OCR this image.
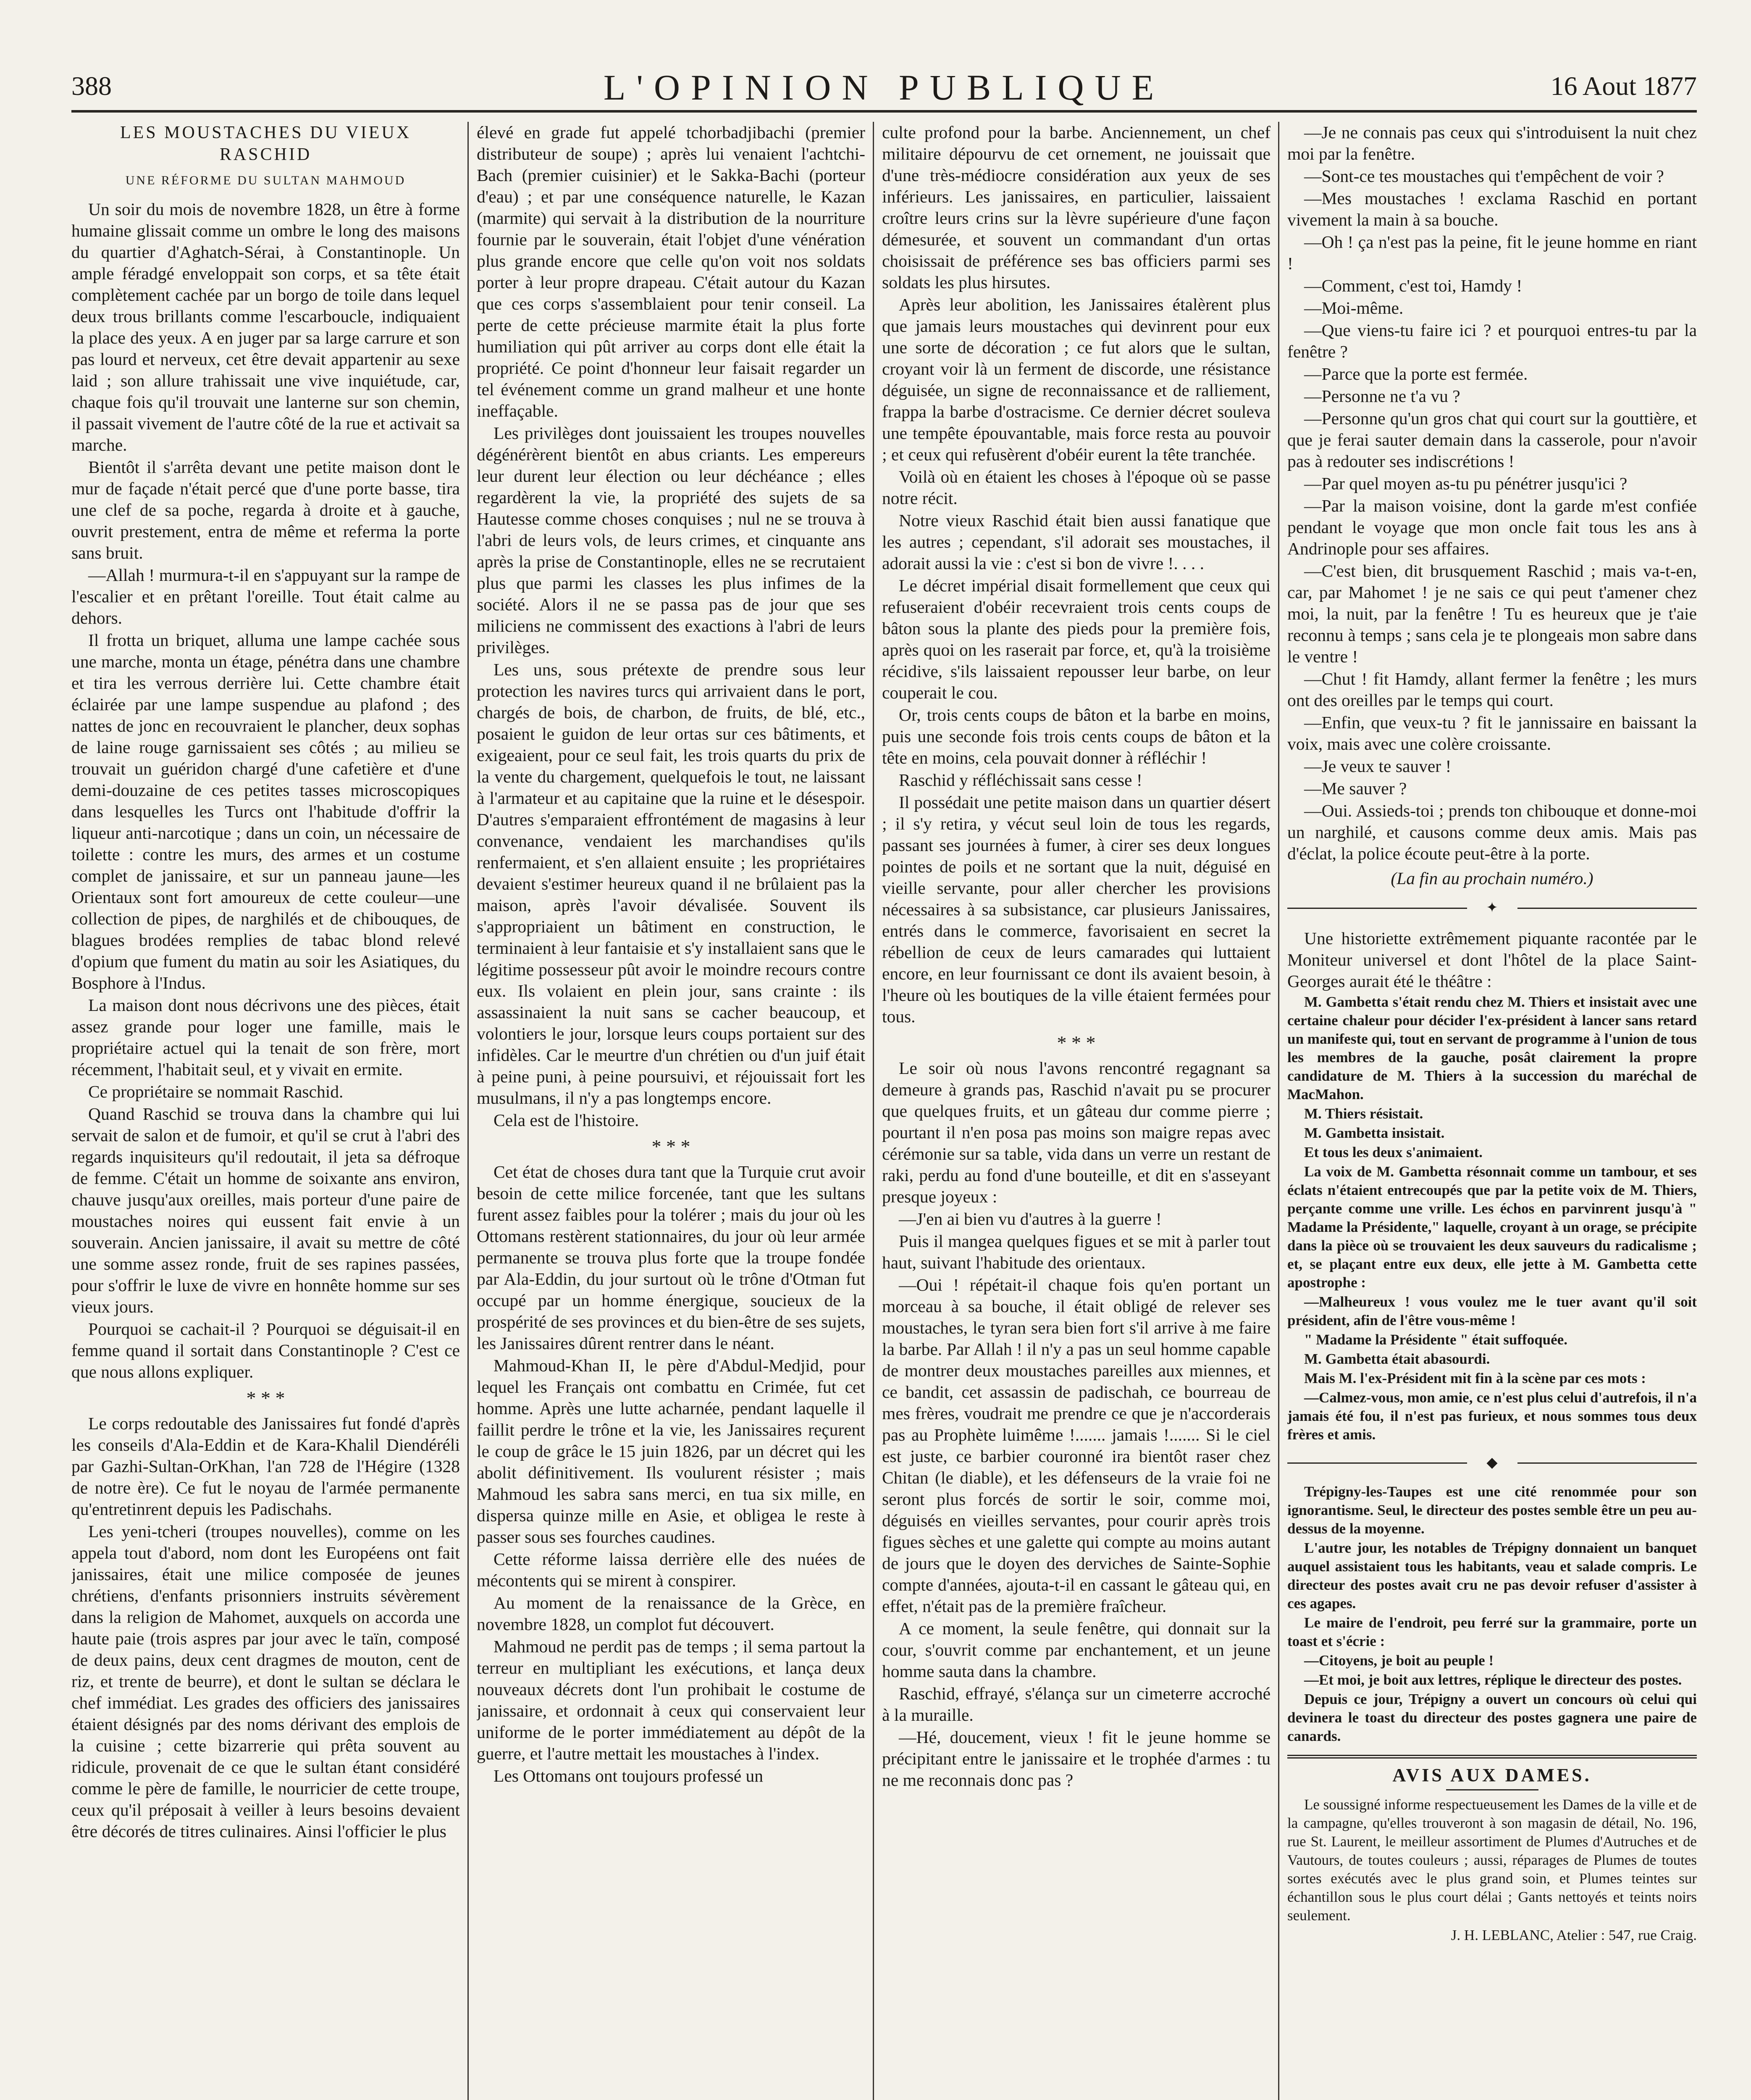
388	L'OPINION PUBLIQUE	16 Aout 1877
LES MOUSTACHES DU VIEUX RASCHID
UNE RÉFORME DU SULTAN MAHMOUD

Un soir du mois de novembre 1828, un être à forme humaine glissait comme un ombre le long des maisons du quartier d'Aghatch-Sérai, à Constantinople. Un ample féradgé enveloppait son corps, et sa tête était complètement cachée par un borgo de toile dans lequel deux trous brillants comme l'escarboucle, indiquaient la place des yeux. A en juger par sa large carrure et son pas lourd et nerveux, cet être devait appartenir au sexe laid ; son allure trahissait une vive inquiétude, car, chaque fois qu'il trouvait une lanterne sur son chemin, il passait vivement de l'autre côté de la rue et activait sa marche.

Bientôt il s'arrêta devant une petite maison dont le mur de façade n'était percé que d'une porte basse, tira une clef de sa poche, regarda à droite et à gauche, ouvrit prestement, entra de même et referma la porte sans bruit.

—Allah ! murmura-t-il en s'appuyant sur la rampe de l'escalier et en prêtant l'oreille. Tout était calme au dehors.

Il frotta un briquet, alluma une lampe cachée sous une marche, monta un étage, pénétra dans une chambre et tira les verrous derrière lui. Cette chambre était éclairée par une lampe suspendue au plafond ; des nattes de jonc en recouvraient le plancher, deux sophas de laine rouge garnissaient ses côtés ; au milieu se trouvait un guéridon chargé d'une cafetière et d'une demi-douzaine de ces petites tasses microscopiques dans lesquelles les Turcs ont l'habitude d'offrir la liqueur anti-narcotique ; dans un coin, un nécessaire de toilette : contre les murs, des armes et un costume complet de janissaire, et sur un panneau jaune—les Orientaux sont fort amoureux de cette couleur—une collection de pipes, de narghilés et de chibouques, de blagues brodées remplies de tabac blond relevé d'opium que fument du matin au soir les Asiatiques, du Bosphore à l'Indus.

La maison dont nous décrivons une des pièces, était assez grande pour loger une famille, mais le propriétaire actuel qui la tenait de son frère, mort récemment, l'habitait seul, et y vivait en ermite.

Ce propriétaire se nommait Raschid.

Quand Raschid se trouva dans la chambre qui lui servait de salon et de fumoir, et qu'il se crut à l'abri des regards inquisiteurs qu'il redoutait, il jeta sa défroque de femme. C'était un homme de soixante ans environ, chauve jusqu'aux oreilles, mais porteur d'une paire de moustaches noires qui eussent fait envie à un souverain. Ancien janissaire, il avait su mettre de côté une somme assez ronde, fruit de ses rapines passées, pour s'offrir le luxe de vivre en honnête homme sur ses vieux jours.

Pourquoi se cachait-il ? Pourquoi se déguisait-il en femme quand il sortait dans Constantinople ? C'est ce que nous allons expliquer.

* * *

Le corps redoutable des Janissaires fut fondé d'après les conseils d'Ala-Eddin et de Kara-Khalil Diendéréli par Gazhi-Sultan-OrKhan, l'an 728 de l'Hégire (1328 de notre ère). Ce fut le noyau de l'armée permanente qu'entretinrent depuis les Padischahs.

Les yeni-tcheri (troupes nouvelles), comme on les appela tout d'abord, nom dont les Européens ont fait janissaires, était une milice composée de jeunes chrétiens, d'enfants prisonniers instruits sévèrement dans la religion de Mahomet, auxquels on accorda une haute paie (trois aspres par jour avec le taïn, composé de deux pains, deux cent dragmes de mouton, cent de riz, et trente de beurre), et dont le sultan se déclara le chef immédiat. Les grades des officiers des janissaires étaient désignés par des noms dérivant des emplois de la cuisine ; cette bizarrerie qui prêta souvent au ridicule, provenait de ce que le sultan étant considéré comme le père de famille, le nourricier de cette troupe, ceux qu'il préposait à veiller à leurs besoins devaient être décorés de titres culinaires. Ainsi l'officier le plus

élevé en grade fut appelé tchorbadjibachi (premier distributeur de soupe) ; après lui venaient l'achtchi-Bach (premier cuisinier) et le Sakka-Bachi (porteur d'eau) ; et par une conséquence naturelle, le Kazan (marmite) qui servait à la distribution de la nourriture fournie par le souverain, était l'objet d'une vénération plus grande encore que celle qu'on voit nos soldats porter à leur propre drapeau. C'était autour du Kazan que ces corps s'assemblaient pour tenir conseil. La perte de cette précieuse marmite était la plus forte humiliation qui pût arriver au corps dont elle était la propriété. Ce point d'honneur leur faisait regarder un tel événement comme un grand malheur et une honte ineffaçable.

Les privilèges dont jouissaient les troupes nouvelles dégénérèrent bientôt en abus criants. Les empereurs leur durent leur élection ou leur déchéance ; elles regardèrent la vie, la propriété des sujets de sa Hautesse comme choses conquises ; nul ne se trouva à l'abri de leurs vols, de leurs crimes, et cinquante ans après la prise de Constantinople, elles ne se recrutaient plus que parmi les classes les plus infimes de la société. Alors il ne se passa pas de jour que ses miliciens ne commissent des exactions à l'abri de leurs privilèges.

Les uns, sous prétexte de prendre sous leur protection les navires turcs qui arrivaient dans le port, chargés de bois, de charbon, de fruits, de blé, etc., posaient le guidon de leur ortas sur ces bâtiments, et exigeaient, pour ce seul fait, les trois quarts du prix de la vente du chargement, quelquefois le tout, ne laissant à l'armateur et au capitaine que la ruine et le désespoir. D'autres s'emparaient effrontément de magasins à leur convenance, vendaient les marchandises qu'ils renfermaient, et s'en allaient ensuite ; les propriétaires devaient s'estimer heureux quand il ne brûlaient pas la maison, après l'avoir dévalisée. Souvent ils s'appropriaient un bâtiment en construction, le terminaient à leur fantaisie et s'y installaient sans que le légitime possesseur pût avoir le moindre recours contre eux. Ils volaient en plein jour, sans crainte : ils assassinaient la nuit sans se cacher beaucoup, et volontiers le jour, lorsque leurs coups portaient sur des infidèles. Car le meurtre d'un chrétien ou d'un juif était à peine puni, à peine poursuivi, et réjouissait fort les musulmans, il n'y a pas longtemps encore.

Cela est de l'histoire.

* * *

Cet état de choses dura tant que la Turquie crut avoir besoin de cette milice forcenée, tant que les sultans furent assez faibles pour la tolérer ; mais du jour où les Ottomans restèrent stationnaires, du jour où leur armée permanente se trouva plus forte que la troupe fondée par Ala-Eddin, du jour surtout où le trône d'Otman fut occupé par un homme énergique, soucieux de la prospérité de ses provinces et du bien-être de ses sujets, les Janissaires dûrent rentrer dans le néant.

Mahmoud-Khan II, le père d'Abdul-Medjid, pour lequel les Français ont combattu en Crimée, fut cet homme. Après une lutte acharnée, pendant laquelle il faillit perdre le trône et la vie, les Janissaires reçurent le coup de grâce le 15 juin 1826, par un décret qui les abolit définitivement. Ils voulurent résister ; mais Mahmoud les sabra sans merci, en tua six mille, en dispersa quinze mille en Asie, et obligea le reste à passer sous ses fourches caudines.

Cette réforme laissa derrière elle des nuées de mécontents qui se mirent à conspirer.

Au moment de la renaissance de la Grèce, en novembre 1828, un complot fut découvert.

Mahmoud ne perdit pas de temps ; il sema partout la terreur en multipliant les exécutions, et lança deux nouveaux décrets dont l'un prohibait le costume de janissaire, et ordonnait à ceux qui conservaient leur uniforme de le porter immédiatement au dépôt de la guerre, et l'autre mettait les moustaches à l'index.

Les Ottomans ont toujours professé un

culte profond pour la barbe. Anciennement, un chef militaire dépourvu de cet ornement, ne jouissait que d'une très-médiocre considération aux yeux de ses inférieurs. Les janissaires, en particulier, laissaient croître leurs crins sur la lèvre supérieure d'une façon démesurée, et souvent un commandant d'un ortas choisissait de préférence ses bas officiers parmi ses soldats les plus hirsutes.

Après leur abolition, les Janissaires étalèrent plus que jamais leurs moustaches qui devinrent pour eux une sorte de décoration ; ce fut alors que le sultan, croyant voir là un ferment de discorde, une résistance déguisée, un signe de reconnaissance et de ralliement, frappa la barbe d'ostracisme. Ce dernier décret souleva une tempête épouvantable, mais force resta au pouvoir ; et ceux qui refusèrent d'obéir eurent la tête tranchée.

Voilà où en étaient les choses à l'époque où se passe notre récit.

Notre vieux Raschid était bien aussi fanatique que les autres ; cependant, s'il adorait ses moustaches, il adorait aussi la vie : c'est si bon de vivre !. . . .

Le décret impérial disait formellement que ceux qui refuseraient d'obéir recevraient trois cents coups de bâton sous la plante des pieds pour la première fois, après quoi on les raserait par force, et, qu'à la troisième récidive, s'ils laissaient repousser leur barbe, on leur couperait le cou.

Or, trois cents coups de bâton et la barbe en moins, puis une seconde fois trois cents coups de bâton et la tête en moins, cela pouvait donner à réfléchir !

Raschid y réfléchissait sans cesse !

Il possédait une petite maison dans un quartier désert ; il s'y retira, y vécut seul loin de tous les regards, passant ses journées à fumer, à cirer ses deux longues pointes de poils et ne sortant que la nuit, déguisé en vieille servante, pour aller chercher les provisions nécessaires à sa subsistance, car plusieurs Janissaires, entrés dans le commerce, favorisaient en secret la rébellion de ceux de leurs camarades qui luttaient encore, en leur fournissant ce dont ils avaient besoin, à l'heure où les boutiques de la ville étaient fermées pour tous.

* * *

Le soir où nous l'avons rencontré regagnant sa demeure à grands pas, Raschid n'avait pu se procurer que quelques fruits, et un gâteau dur comme pierre ; pourtant il n'en posa pas moins son maigre repas avec cérémonie sur sa table, vida dans un verre un restant de raki, perdu au fond d'une bouteille, et dit en s'asseyant presque joyeux :

—J'en ai bien vu d'autres à la guerre !

Puis il mangea quelques figues et se mit à parler tout haut, suivant l'habitude des orientaux.

—Oui ! répétait-il chaque fois qu'en portant un morceau à sa bouche, il était obligé de relever ses moustaches, le tyran sera bien fort s'il arrive à me faire la barbe. Par Allah ! il n'y a pas un seul homme capable de montrer deux moustaches pareilles aux miennes, et ce bandit, cet assassin de padischah, ce bourreau de mes frères, voudrait me prendre ce que je n'accorderais pas au Prophète luimême !....... jamais !....... Si le ciel est juste, ce barbier couronné ira bientôt raser chez Chitan (le diable), et les défenseurs de la vraie foi ne seront plus forcés de sortir le soir, comme moi, déguisés en vieilles servantes, pour courir après trois figues sèches et une galette qui compte au moins autant de jours que le doyen des derviches de Sainte-Sophie compte d'années, ajouta-t-il en cassant le gâteau qui, en effet, n'était pas de la première fraîcheur.

A ce moment, la seule fenêtre, qui donnait sur la cour, s'ouvrit comme par enchantement, et un jeune homme sauta dans la chambre.

Raschid, effrayé, s'élança sur un cimeterre accroché à la muraille.

—Hé, doucement, vieux ! fit le jeune homme se précipitant entre le janissaire et le trophée d'armes : tu ne me reconnais donc pas ?

—Je ne connais pas ceux qui s'introduisent la nuit chez moi par la fenêtre.

—Sont-ce tes moustaches qui t'empêchent de voir ?

—Mes moustaches ! exclama Raschid en portant vivement la main à sa bouche.

—Oh ! ça n'est pas la peine, fit le jeune homme en riant !

—Comment, c'est toi, Hamdy !

—Moi-même.

—Que viens-tu faire ici ? et pourquoi entres-tu par la fenêtre ?

—Parce que la porte est fermée.

—Personne ne t'a vu ?

—Personne qu'un gros chat qui court sur la gouttière, et que je ferai sauter demain dans la casserole, pour n'avoir pas à redouter ses indiscrétions !

—Par quel moyen as-tu pu pénétrer jusqu'ici ?

—Par la maison voisine, dont la garde m'est confiée pendant le voyage que mon oncle fait tous les ans à Andrinople pour ses affaires.

—C'est bien, dit brusquement Raschid ; mais va-t-en, car, par Mahomet ! je ne sais ce qui peut t'amener chez moi, la nuit, par la fenêtre ! Tu es heureux que je t'aie reconnu à temps ; sans cela je te plongeais mon sabre dans le ventre !

—Chut ! fit Hamdy, allant fermer la fenêtre ; les murs ont des oreilles par le temps qui court.

—Enfin, que veux-tu ? fit le jannissaire en baissant la voix, mais avec une colère croissante.

—Je veux te sauver !

—Me sauver ?

—Oui. Assieds-toi ; prends ton chibouque et donne-moi un narghilé, et causons comme deux amis. Mais pas d'éclat, la police écoute peut-être à la porte.

(La fin au prochain numéro.)
✦

Une historiette extrêmement piquante racontée par le Moniteur universel et dont l'hôtel de la place Saint-Georges aurait été le théâtre :

M. Gambetta s'était rendu chez M. Thiers et insistait avec une certaine chaleur pour décider l'ex-président à lancer sans retard un manifeste qui, tout en servant de programme à l'union de tous les membres de la gauche, posât clairement la propre candidature de M. Thiers à la succession du maréchal de MacMahon.

M. Thiers résistait.

M. Gambetta insistait.

Et tous les deux s'animaient.

La voix de M. Gambetta résonnait comme un tambour, et ses éclats n'étaient entrecoupés que par la petite voix de M. Thiers, perçante comme une vrille. Les échos en parvinrent jusqu'à " Madame la Présidente," laquelle, croyant à un orage, se précipite dans la pièce où se trouvaient les deux sauveurs du radicalisme ; et, se plaçant entre eux deux, elle jette à M. Gambetta cette apostrophe :

—Malheureux ! vous voulez me le tuer avant qu'il soit président, afin de l'être vous-même !

" Madame la Présidente " était suffoquée.

M. Gambetta était abasourdi.

Mais M. l'ex-Président mit fin à la scène par ces mots :

—Calmez-vous, mon amie, ce n'est plus celui d'autrefois, il n'a jamais été fou, il n'est pas furieux, et nous sommes tous deux frères et amis.

◆

Trépigny-les-Taupes est une cité renommée pour son ignorantisme. Seul, le directeur des postes semble être un peu au-dessus de la moyenne.

L'autre jour, les notables de Trépigny donnaient un banquet auquel assistaient tous les habitants, veau et salade compris. Le directeur des postes avait cru ne pas devoir refuser d'assister à ces agapes.

Le maire de l'endroit, peu ferré sur la grammaire, porte un toast et s'écrie :

—Citoyens, je boit au peuple !

—Et moi, je boit aux lettres, réplique le directeur des postes.

Depuis ce jour, Trépigny a ouvert un concours où celui qui devinera le toast du directeur des postes gagnera une paire de canards.

AVIS AUX DAMES.

Le soussigné informe respectueusement les Dames de la ville et de la campagne, qu'elles trouveront à son magasin de détail, No. 196, rue St. Laurent, le meilleur assortiment de Plumes d'Autruches et de Vautours, de toutes couleurs ; aussi, réparages de Plumes de toutes sortes exécutés avec le plus grand soin, et Plumes teintes sur échantillon sous le plus court délai ; Gants nettoyés et teints noirs seulement.

J. H. LEBLANC, Atelier : 547, rue Craig.
